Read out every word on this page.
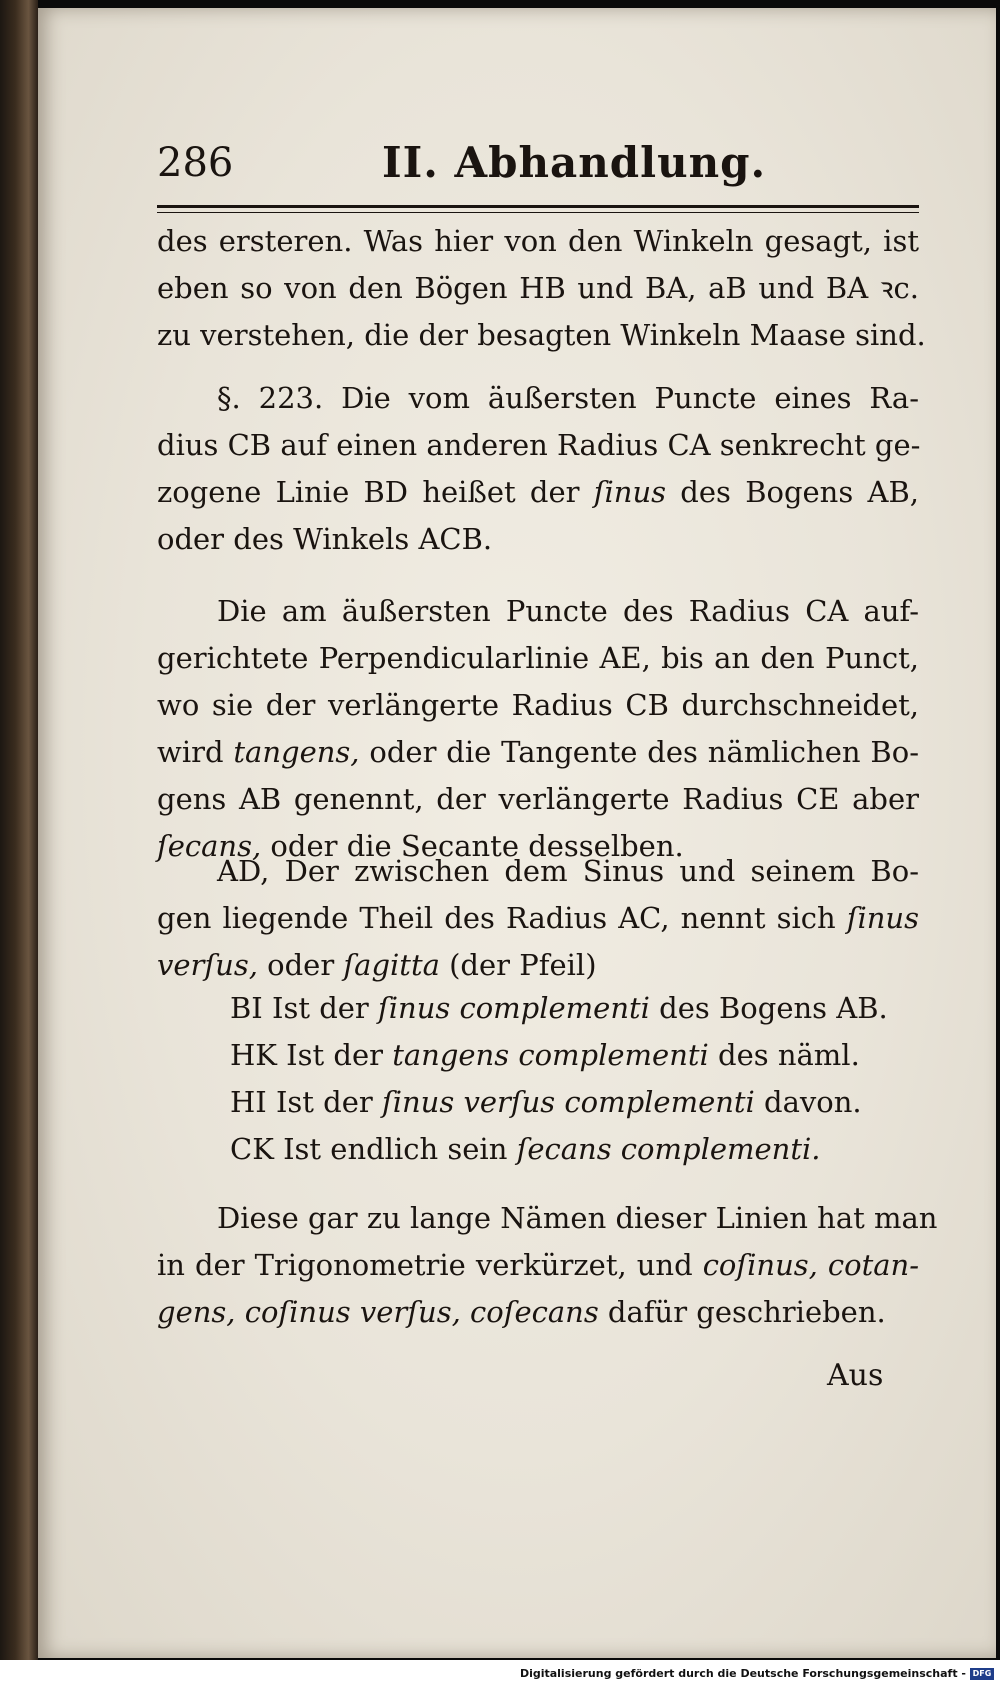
286	II. Abhandlung.
des ersteren. Was hier von den Winkeln gesagt, ist
eben so von den Bögen HB und BA, aB und BA ꝛc.
zu verstehen, die der besagten Winkeln Maase sind.
§. 223. Die vom äußersten Puncte eines Ra-
dius CB auf einen anderen Radius CA senkrecht ge-
zogene Linie BD heißet der ſinus des Bogens AB,
oder des Winkels ACB.
Die am äußersten Puncte des Radius CA auf-
gerichtete Perpendicularlinie AE, bis an den Punct,
wo sie der verlängerte Radius CB durchschneidet,
wird tangens, oder die Tangente des nämlichen Bo-
gens AB genennt, der verlängerte Radius CE aber
ſecans, oder die Secante desselben.
AD, Der zwischen dem Sinus und seinem Bo-
gen liegende Theil des Radius AC, nennt sich ſinus
verſus, oder ſagitta (der Pfeil)
BI Ist der ſinus complementi des Bogens AB.
HK Ist der tangens complementi des näml.
HI Ist der ſinus verſus complementi davon.
CK Ist endlich sein ſecans complementi.
Diese gar zu lange Nämen dieser Linien hat man
in der Trigonometrie verkürzet, und coſinus, cotan-
gens, coſinus verſus, coſecans dafür geschrieben.
Aus
Digitalisierung gefördert durch die Deutsche Forschungsgemeinschaft - DFG
